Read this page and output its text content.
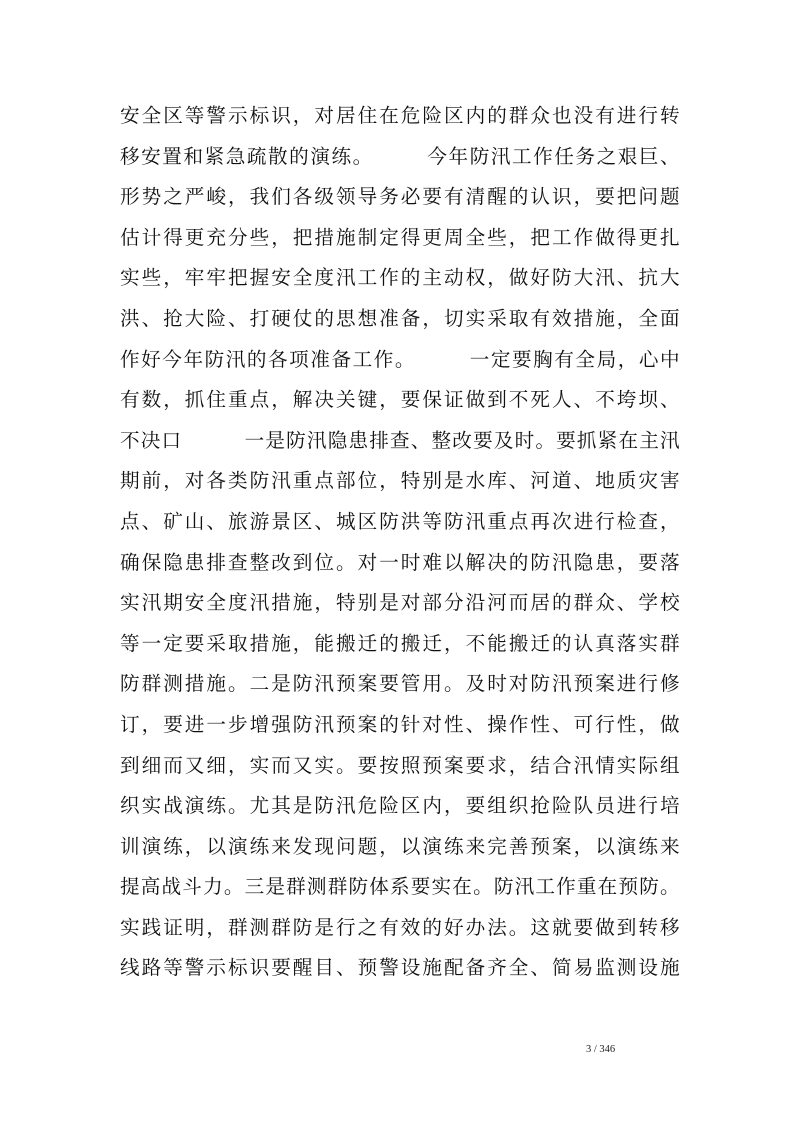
安全区等警示标识，对居住在危险区内的群众也没有进行转
移安置和紧急疏散的演练。　　　今年防汛工作任务之艰巨、
形势之严峻，我们各级领导务必要有清醒的认识，要把问题
估计得更充分些，把措施制定得更周全些，把工作做得更扎
实些，牢牢把握安全度汛工作的主动权，做好防大汛、抗大
洪、抢大险、打硬仗的思想准备，切实采取有效措施，全面
作好今年防汛的各项准备工作。　　　一定要胸有全局，心中
有数，抓住重点，解决关键，要保证做到不死人、不垮坝、
不决口　　　一是防汛隐患排查、整改要及时。要抓紧在主汛
期前，对各类防汛重点部位，特别是水库、河道、地质灾害
点、矿山、旅游景区、城区防洪等防汛重点再次进行检查，
确保隐患排查整改到位。对一时难以解决的防汛隐患，要落
实汛期安全度汛措施，特别是对部分沿河而居的群众、学校
等一定要采取措施，能搬迁的搬迁，不能搬迁的认真落实群
防群测措施。二是防汛预案要管用。及时对防汛预案进行修
订，要进一步增强防汛预案的针对性、操作性、可行性，做
到细而又细，实而又实。要按照预案要求，结合汛情实际组
织实战演练。尤其是防汛危险区内，要组织抢险队员进行培
训演练，以演练来发现问题，以演练来完善预案，以演练来
提高战斗力。三是群测群防体系要实在。防汛工作重在预防。
实践证明，群测群防是行之有效的好办法。这就要做到转移
线路等警示标识要醒目、预警设施配备齐全、简易监测设施
3 / 346
